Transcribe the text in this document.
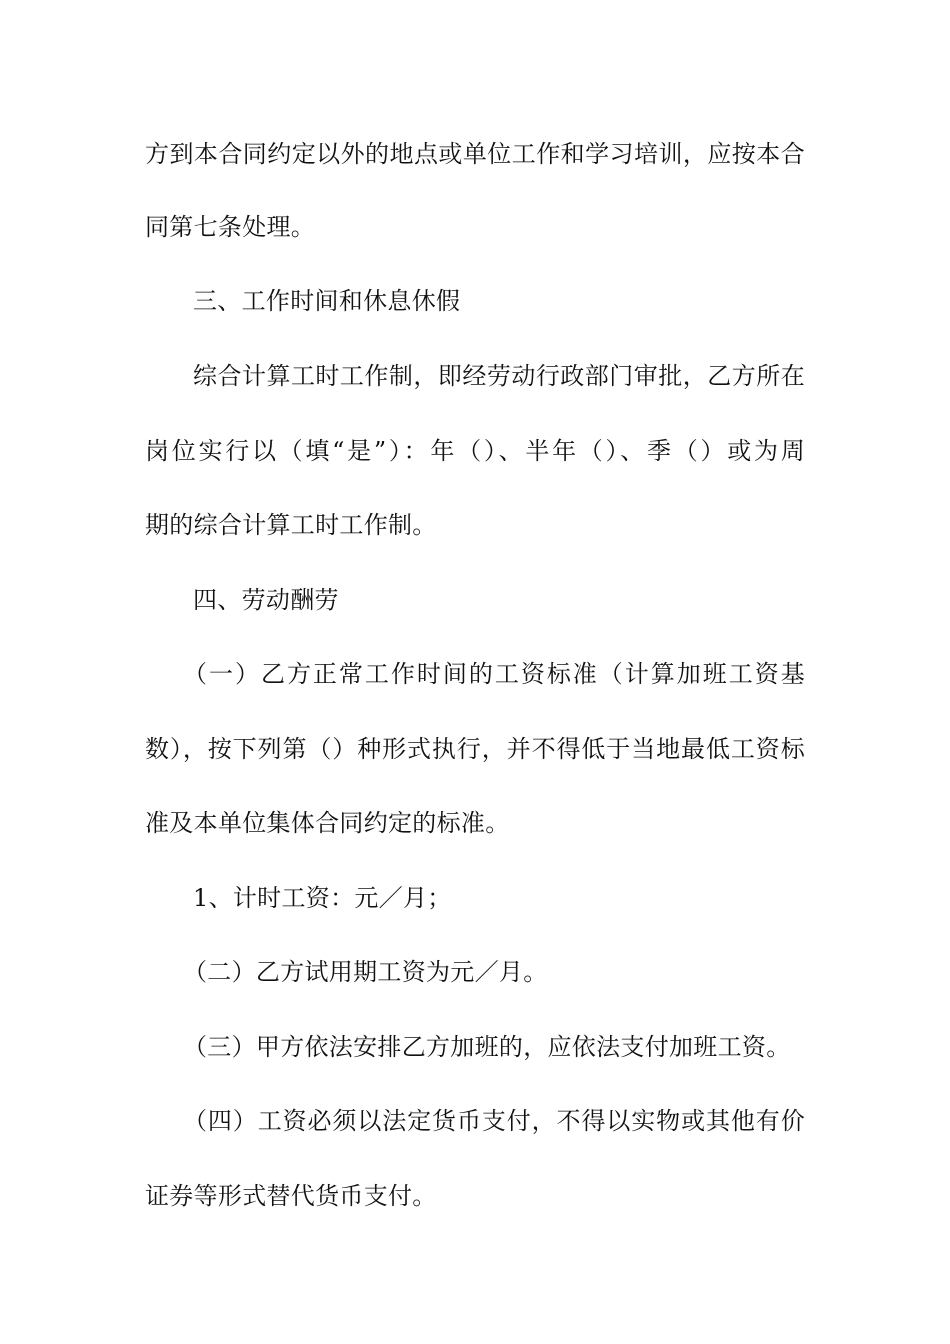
方到本合同约定以外的地点或单位工作和学习培训，应按本合
同第七条处理。
三、工作时间和休息休假
综合计算工时工作制，即经劳动行政部门审批，乙方所在
岗位实行以（填“是”）：年（）、半年（）、季（）或为周
期的综合计算工时工作制。
四、劳动酬劳
（一）乙方正常工作时间的工资标准（计算加班工资基
数），按下列第（）种形式执行，并不得低于当地最低工资标
准及本单位集体合同约定的标准。
1、计时工资：元／月；
（二）乙方试用期工资为元／月。
（三）甲方依法安排乙方加班的，应依法支付加班工资。
（四）工资必须以法定货币支付，不得以实物或其他有价
证券等形式替代货币支付。
